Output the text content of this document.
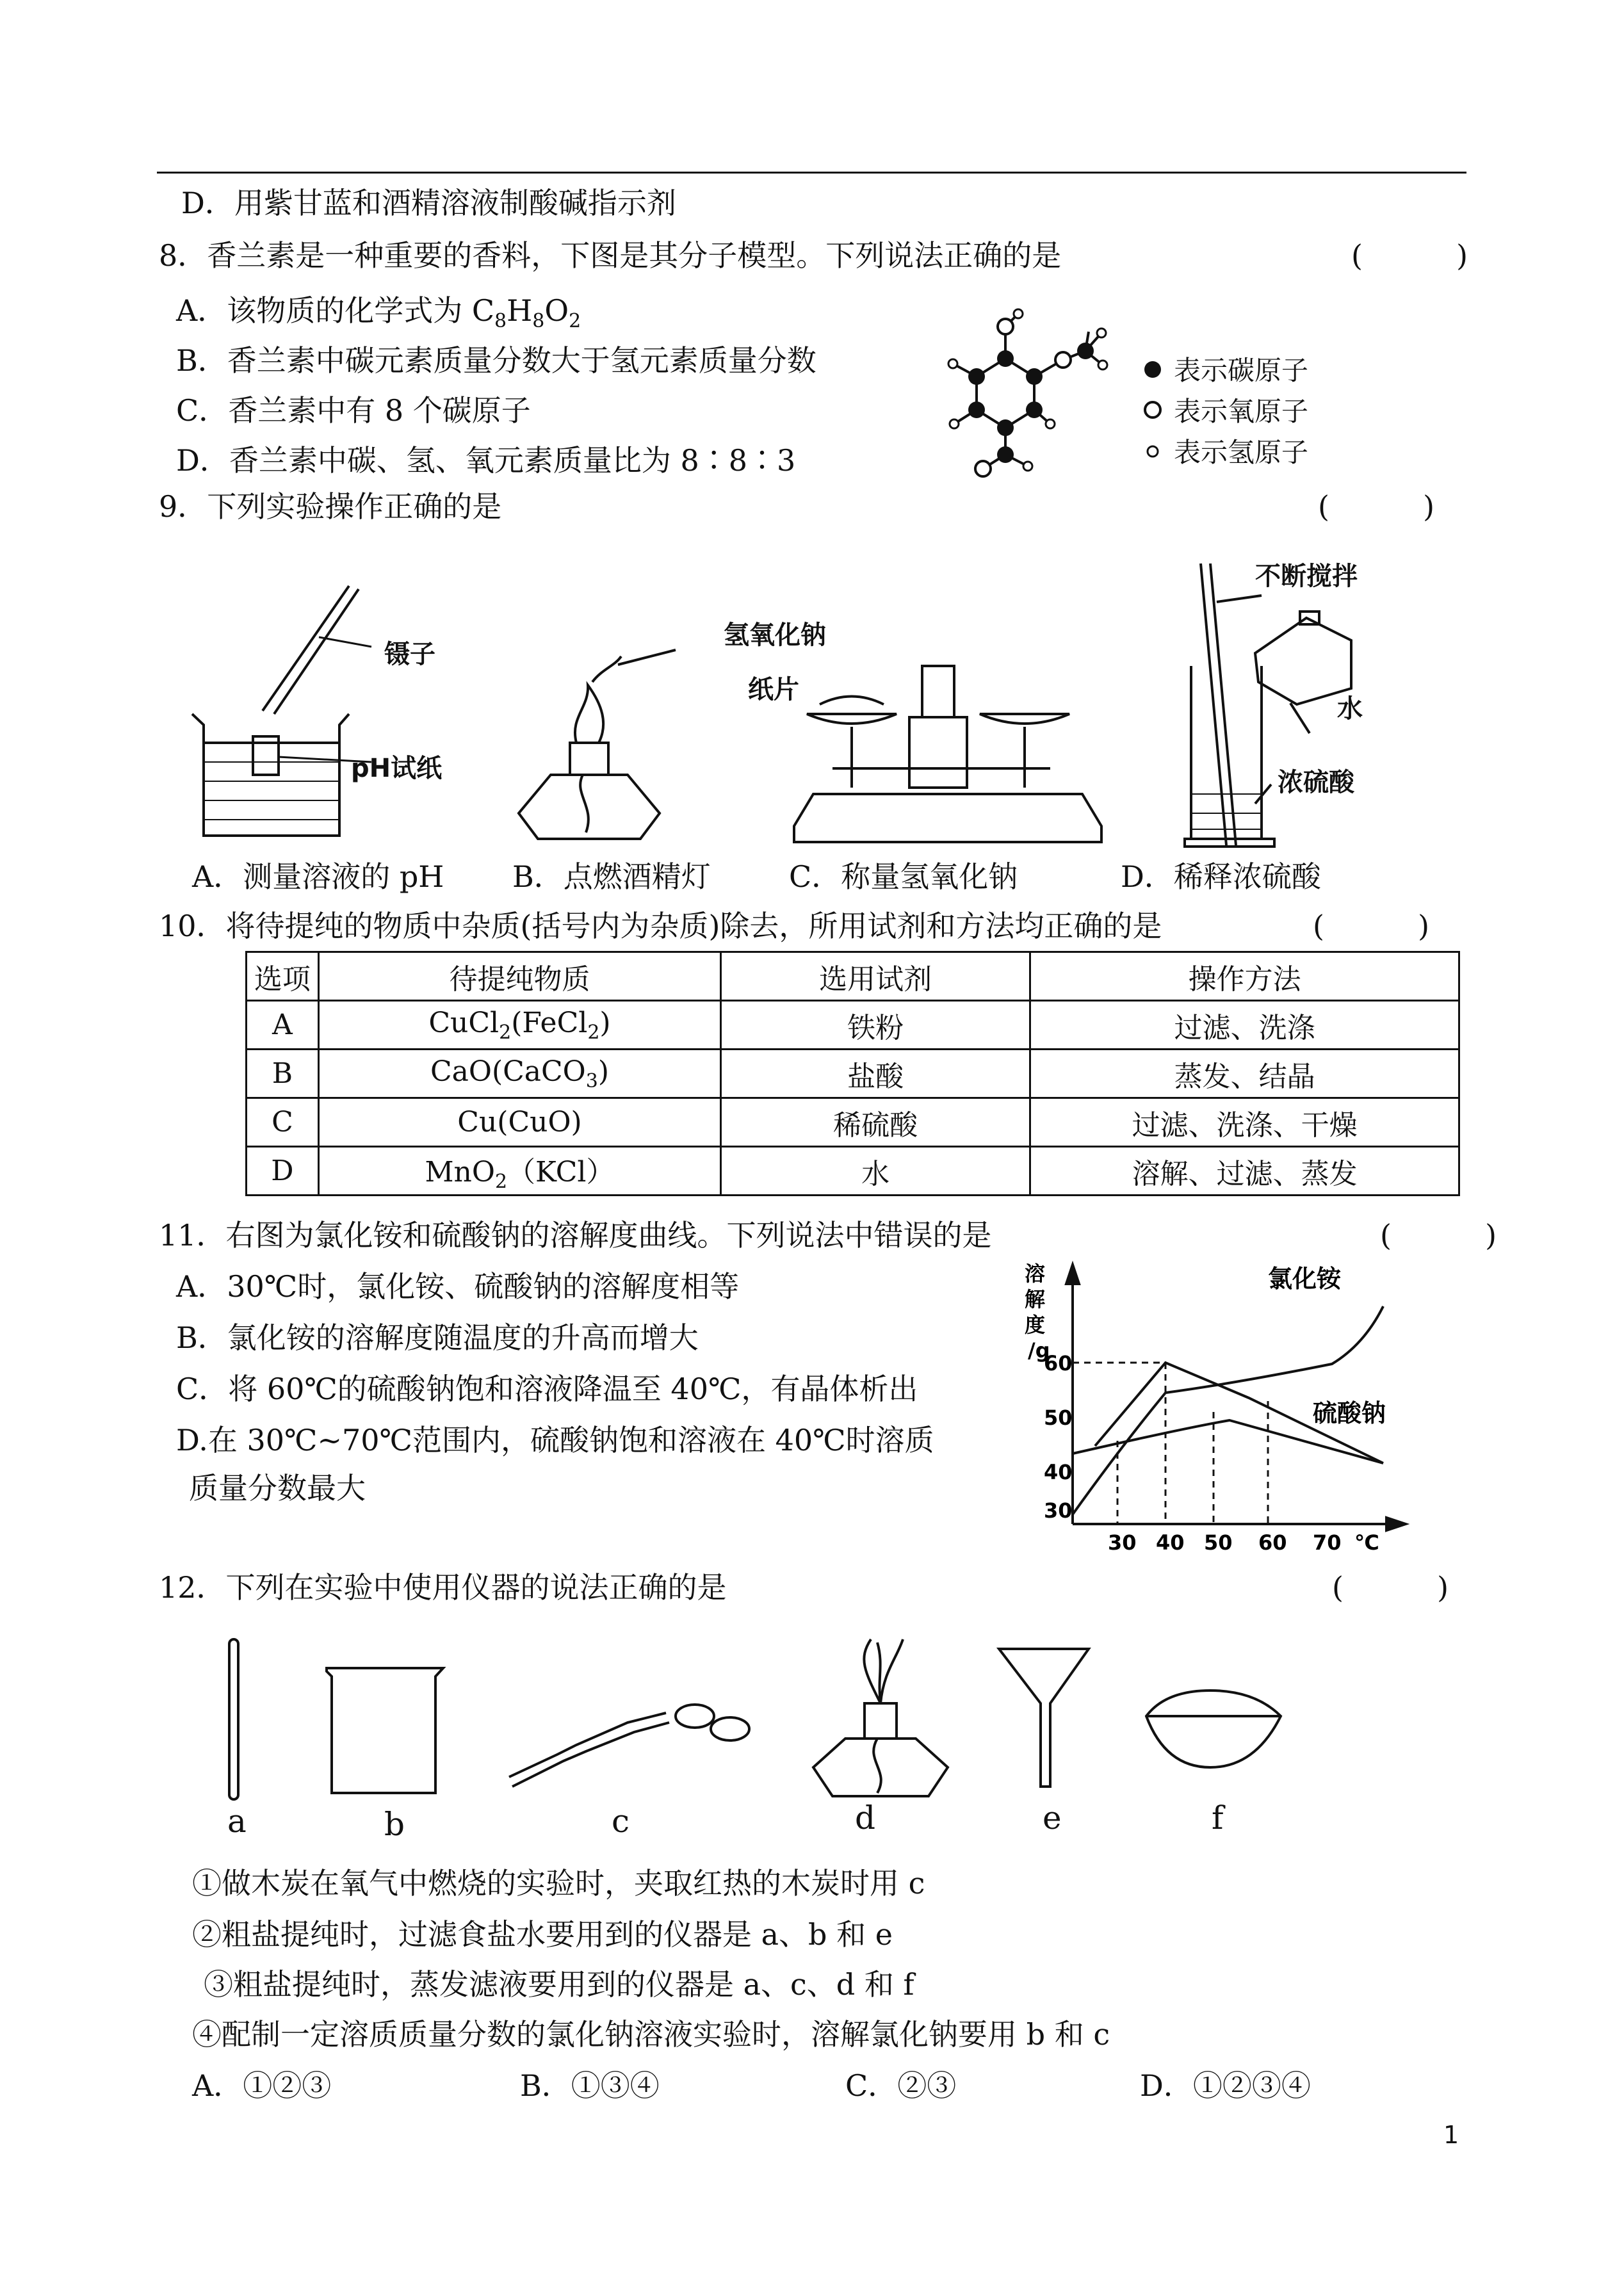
D．用紫甘蓝和酒精溶液制酸碱指示剂
8．香兰素是一种重要的香料，下图是其分子模型。下列说法正确的是	(          )
A．该物质的化学式为 $C_8H_8O_2$
B．香兰素中碳元素质量分数大于氢元素质量分数
C．香兰素中有 8 个碳原子
D．香兰素中碳、氢、氧元素质量比为 8∶8∶3
表示碳原子
表示氧原子
表示氢原子
9．下列实验操作正确的是	(          )
镊子
pH试纸
氢氧化钠
纸片
不断搅拌
水
浓硫酸
A．测量溶液的 pH B．点燃酒精灯	C．称量氢氧化钠	D．稀释浓硫酸
10．将待提纯的物质中杂质(括号内为杂质)除去，所用试剂和方法均正确的是	(          )
选项	待提纯物质	选用试剂	操作方法
A	CuCl$_2$(FeCl$_2$)	铁粉	过滤、洗涤
B	CaO(CaCO$_3$)	盐酸	蒸发、结晶
C	Cu(CuO)	稀硫酸	过滤、洗涤、干燥
D	MnO$_2$（KCl）	水	溶解、过滤、蒸发
11．右图为氯化铵和硫酸钠的溶解度曲线。下列说法中错误的是	(          )
A．30℃时，氯化铵、硫酸钠的溶解度相等
B．氯化铵的溶解度随温度的升高而增大
C．将 60℃的硫酸钠饱和溶液降温至 40℃，有晶体析出
D.在 30℃~70℃范围内，硫酸钠饱和溶液在 40℃时溶质
质量分数最大
溶
解
度
/g
60
50
40
30
30 40 50 60 70 ℃
氯化铵
硫酸钠
12．下列在实验中使用仪器的说法正确的是	(          )
a	b	c	d	e	f
①做木炭在氧气中燃烧的实验时，夹取红热的木炭时用 c
②粗盐提纯时，过滤食盐水要用到的仪器是 a、b 和 e
③粗盐提纯时，蒸发滤液要用到的仪器是 a、c、d 和 f
④配制一定溶质质量分数的氯化钠溶液实验时，溶解氯化钠要用 b 和 c
A．①②③	B．①③④	C．②③	D．①②③④
1
